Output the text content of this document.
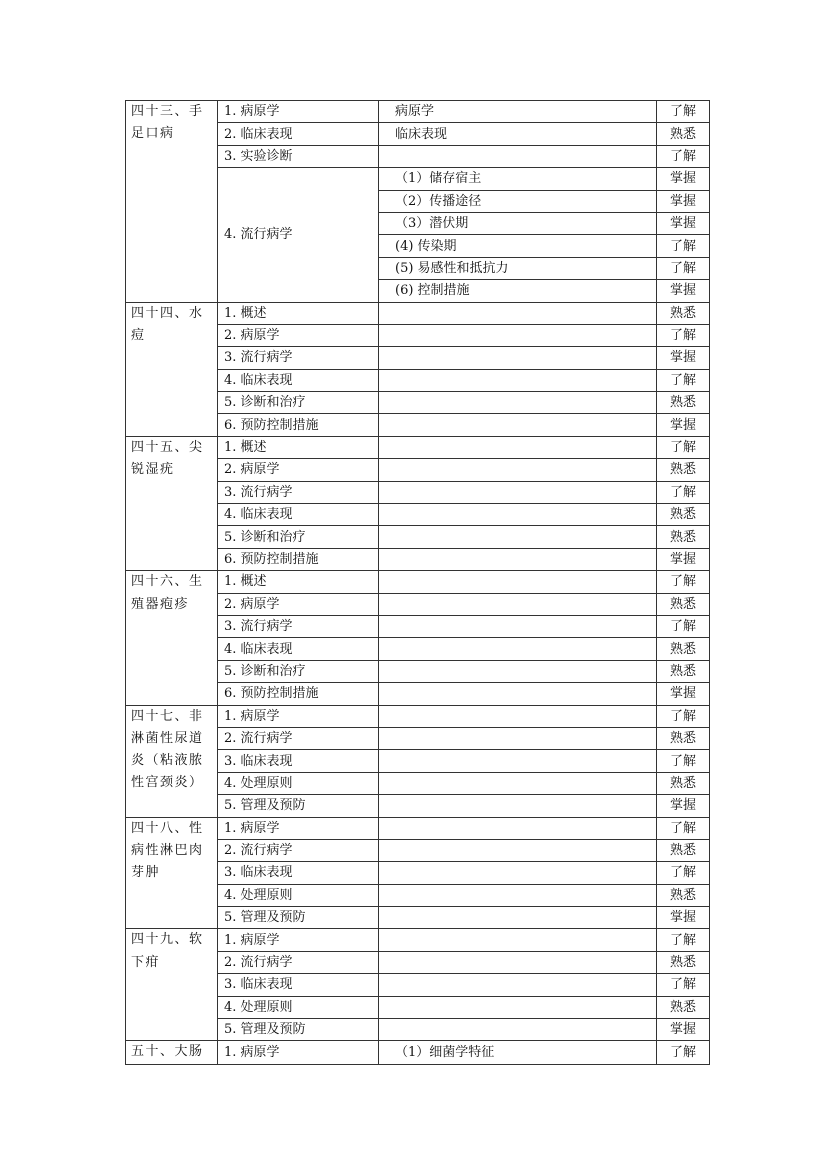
四十三、手足口病	1. 病原学	病原学	了解
	2. 临床表现	临床表现	熟悉
	3. 实验诊断		了解
	4. 流行病学	（1）储存宿主	掌握
		（2）传播途径	掌握
		（3）潜伏期	掌握
		(4) 传染期	了解
		(5) 易感性和抵抗力	了解
		(6) 控制措施	掌握
四十四、水痘	1. 概述		熟悉
	2. 病原学		了解
	3. 流行病学		掌握
	4. 临床表现		了解
	5. 诊断和治疗		熟悉
	6. 预防控制措施		掌握
四十五、尖锐湿疣	1. 概述		了解
	2. 病原学		熟悉
	3. 流行病学		了解
	4. 临床表现		熟悉
	5. 诊断和治疗		熟悉
	6. 预防控制措施		掌握
四十六、生殖器疱疹	1. 概述		了解
	2. 病原学		熟悉
	3. 流行病学		了解
	4. 临床表现		熟悉
	5. 诊断和治疗		熟悉
	6. 预防控制措施		掌握
四十七、非淋菌性尿道炎（粘液脓性宫颈炎）	1. 病原学		了解
	2. 流行病学		熟悉
	3. 临床表现		了解
	4. 处理原则		熟悉
	5. 管理及预防		掌握
四十八、性病性淋巴肉芽肿	1. 病原学		了解
	2. 流行病学		熟悉
	3. 临床表现		了解
	4. 处理原则		熟悉
	5. 管理及预防		掌握
四十九、软下疳	1. 病原学		了解
	2. 流行病学		熟悉
	3. 临床表现		了解
	4. 处理原则		熟悉
	5. 管理及预防		掌握
五十、大肠	1. 病原学	（1）细菌学特征	了解
